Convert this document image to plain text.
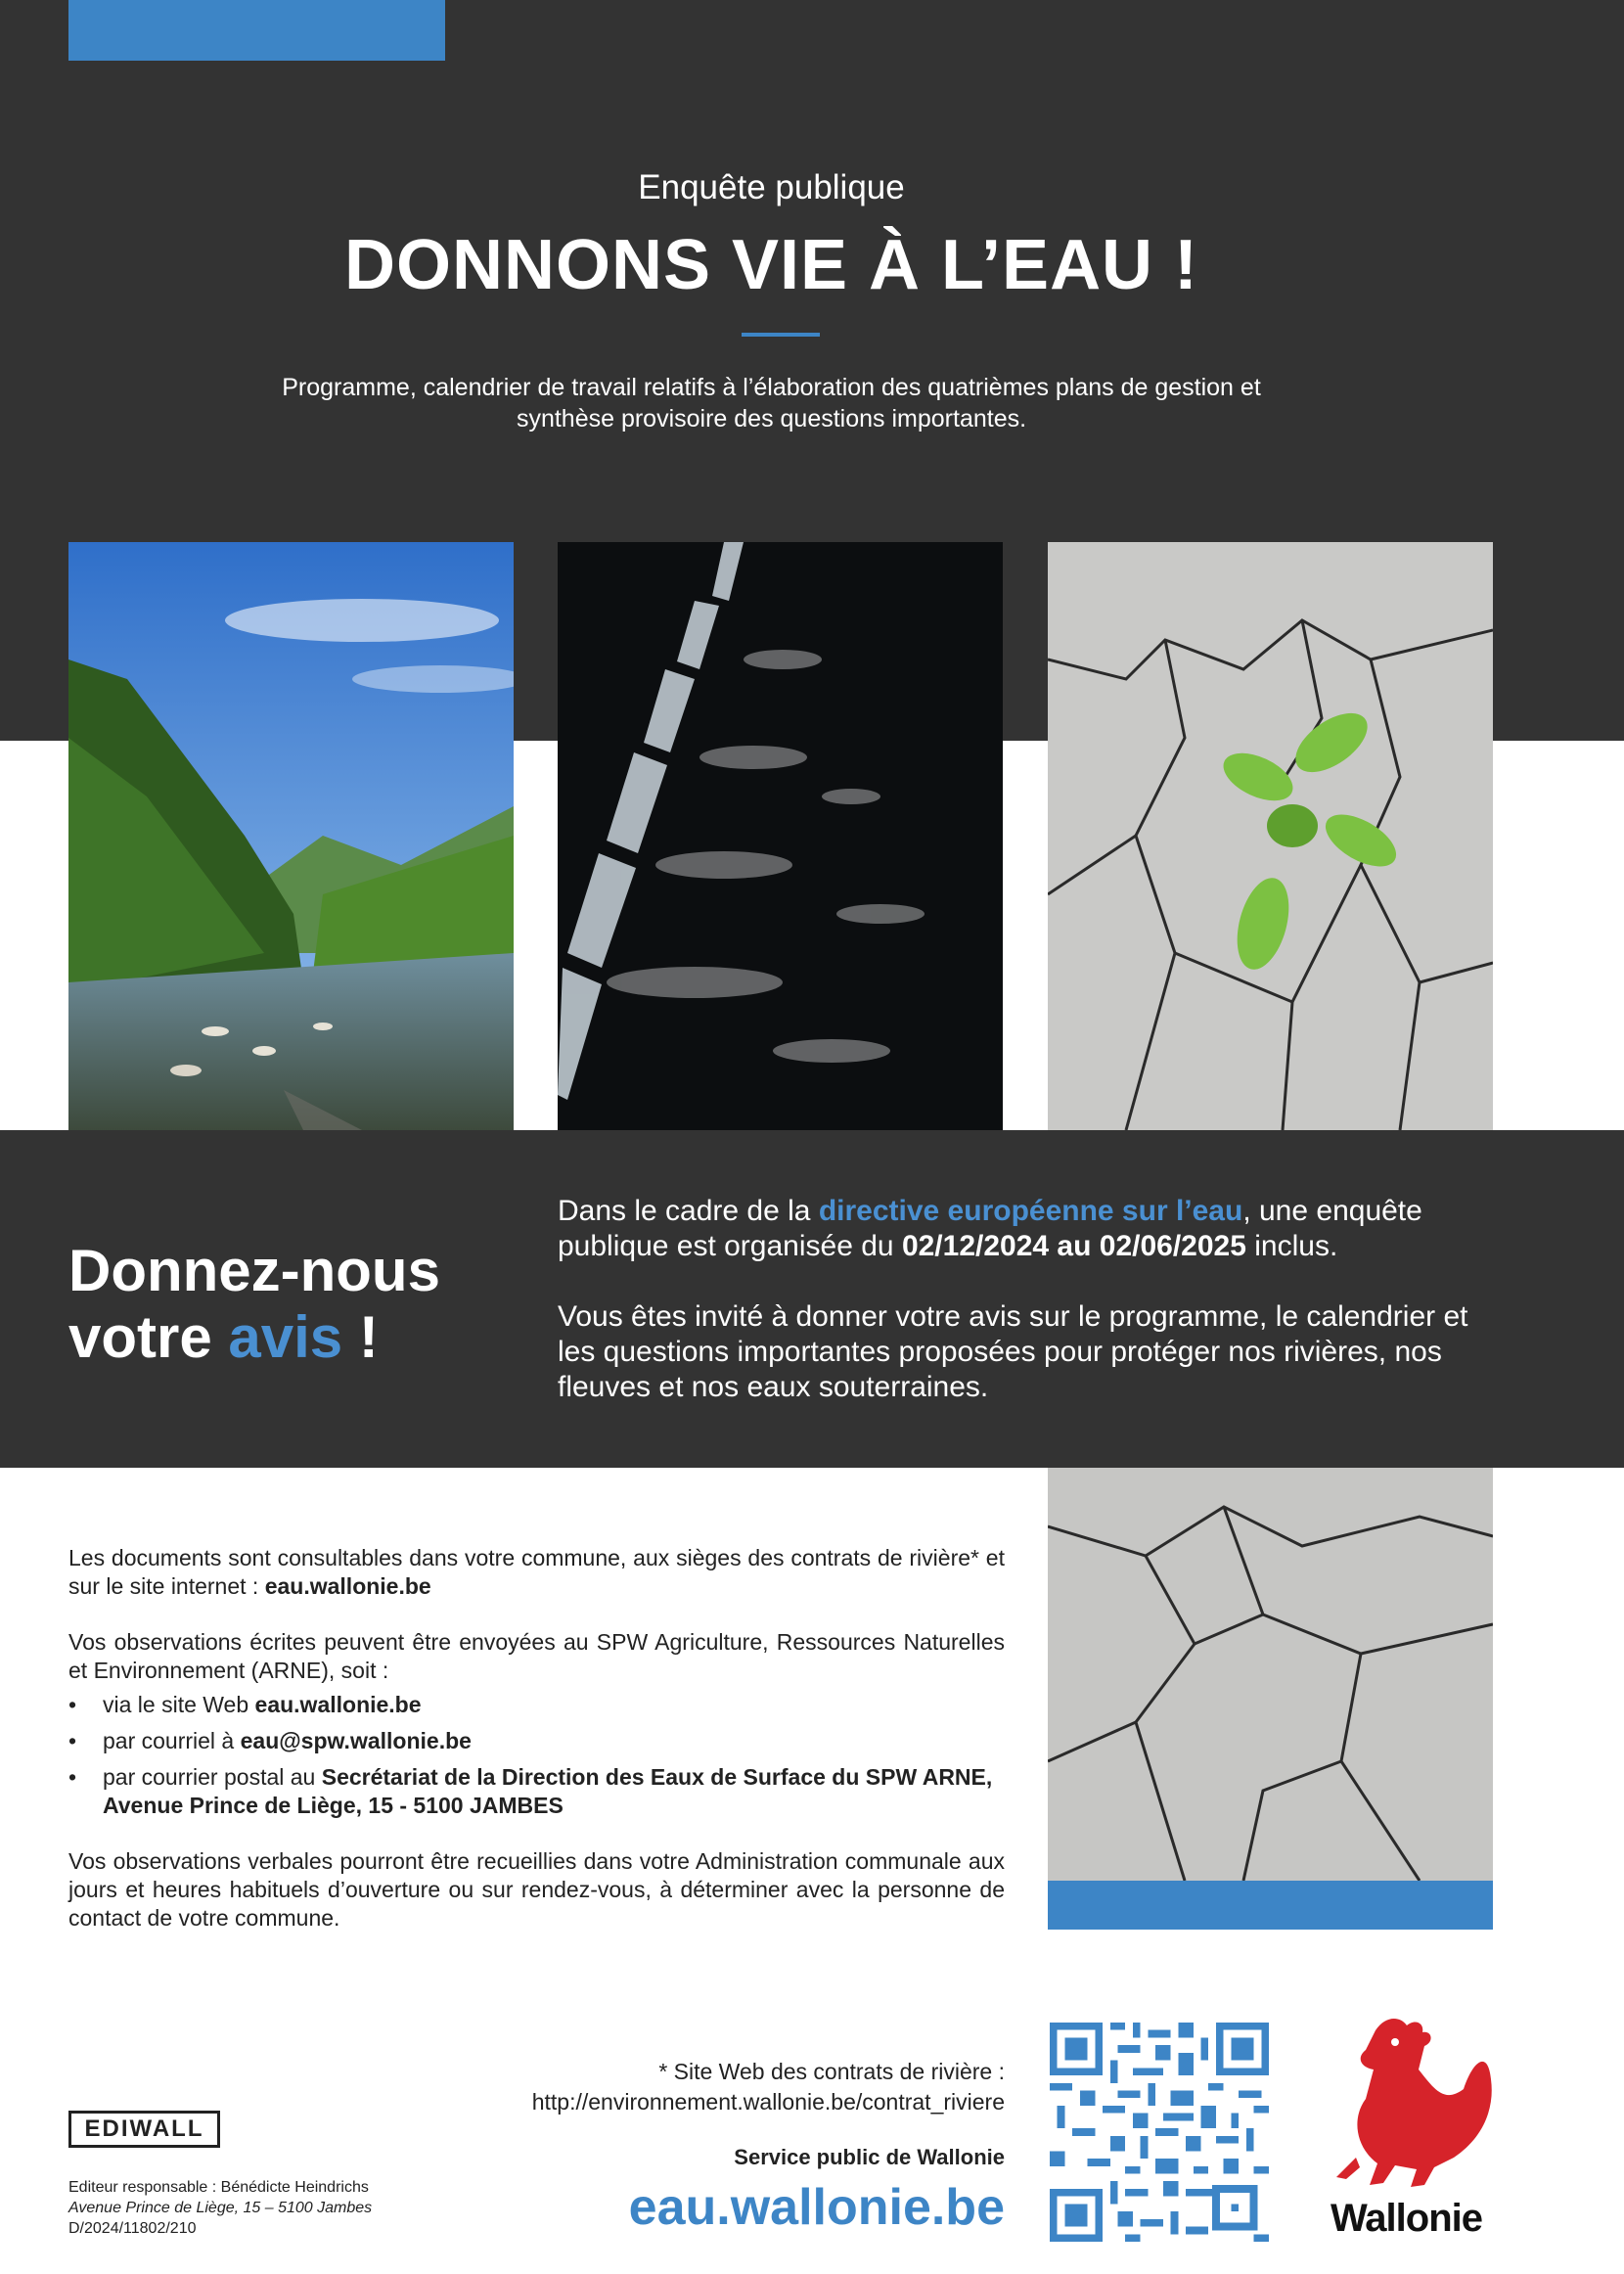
Enquête publique
DONNONS VIE À L’EAU !
Programme, calendrier de travail relatifs à l’élaboration des quatrièmes plans de gestion et
synthèse provisoire des questions importantes.
Donnez-nous
votre avis !

Dans le cadre de la directive européenne sur l’eau, une enquête publique est organisée du 02/12/2024 au 02/06/2025 inclus.

Vous êtes invité à donner votre avis sur le programme, le calendrier et les questions importantes proposées pour protéger nos rivières, nos fleuves et nos eaux souterraines.

Les documents sont consultables dans votre commune, aux sièges des contrats de rivière* et sur le site internet : eau.wallonie.be

Vos observations écrites peuvent être envoyées au SPW Agriculture, Ressources Naturelles et Environnement (ARNE), soit :

• via le site Web eau.wallonie.be
• par courriel à eau@spw.wallonie.be
• par courrier postal au Secrétariat de la Direction des Eaux de Surface du SPW ARNE, Avenue Prince de Liège, 15 - 5100 JAMBES

Vos observations verbales pourront être recueillies dans votre Administration communale aux jours et heures habituels d’ouverture ou sur rendez-vous, à déterminer avec la personne de contact de votre commune.

* Site Web des contrats de rivière :
http://environnement.wallonie.be/contrat_riviere
Service public de Wallonie
eau.wallonie.be
EDIWALL
Editeur responsable : Bénédicte Heindrichs
Avenue Prince de Liège, 15 – 5100 Jambes
D/2024/11802/210	Wallonie
